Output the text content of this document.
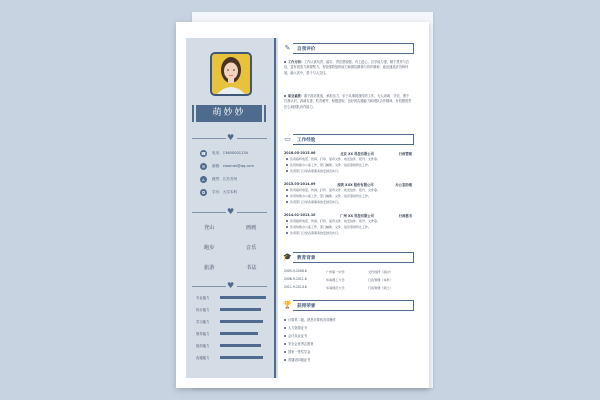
萌妙妙
♥
☎ 电话： 13600001234
✉	邮箱： xiaomei@qq.com
⌂	籍贯： 江苏苏州
✪	学历： 大学本科
♥
登山	画画
跑步	音乐
旅游	书法
♥
专业能力
执行能力
学习能力
领导能力
组织能力
沟通能力
✎	自我评价
工作方面：工作认真负责、踏实、责任感较强，有上进心，自学能力强，勤于思考与总结，富有创造力和观察力，有较强的组织能力和团队精神与协作精神，能迅速适应各种环境，融入其中，善于与人交往。
职业素质：敢于面对挑战，承担压力，乐于从事挑战性的工作，为人坦诚、守信，勇于自我认识，真诚友善，吃苦耐劳，积极进取，良好的沟通能力和团队合作精神，有较强的责任心和团队协作能力。
▭	工作经验
2016.05-2015.06	北京 XX 科技有限公司	行政管理
负责接听电话、传真、打印、复印文件、收发信件、报刊、文件等。
负责协助办公室工作，部门辅助、文件、信息等的传达工作。
负责部门日常各项事务的安排及执行。
2015.03-2014.09	深圳 XXX 股份有限公司	办公室助理
负责接听电话、传真、打印、复印文件、收发信件、报刊、文件等。
负责协助办公室工作，部门辅助、文件、信息等的传达工作。
负责部门日常各项事务的安排及执行。
2014.01-2013.10	广州 XX 科技有限公司	行政秘书
负责接听电话、传真、打印、复印文件、收发信件、报刊、文件等。
负责协助办公室工作，部门辅助、文件、信息等的传达工作。
负责部门日常各项事务的安排及执行。
🎓 教育背景
2005.9-2008.6	广州第一中学	文科选择（高中）
2008.9-2011.6	华南理工大学	行政管理（本科）
2011.9-2014.6	华南师范大学	行政管理（硕士）
🏆 获得荣誉
计算机二级，熟悉计算机各项操作
人力资源证书
会计从业证书
安全会优秀志愿者
国家一等奖学金
普通话四级证书
